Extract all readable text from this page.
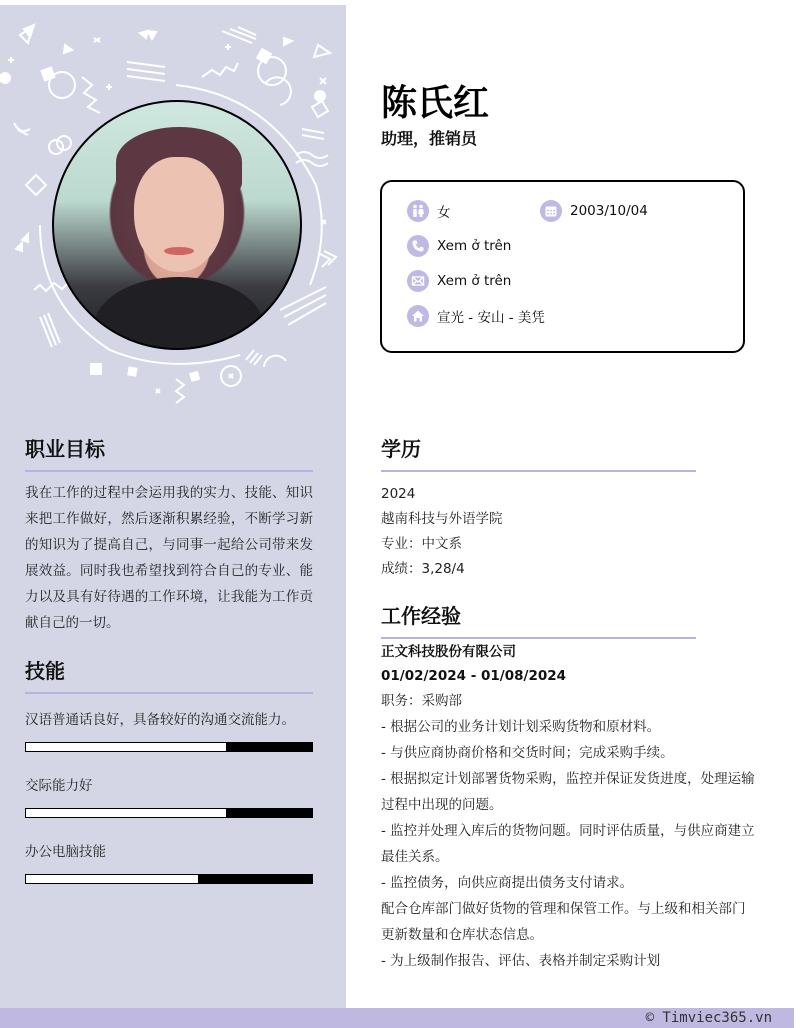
职业目标
我在工作的过程中会运用我的实力、技能、知识来把工作做好，然后逐渐积累经验，不断学习新的知识为了提高自己，与同事一起给公司带来发展效益。同时我也希望找到符合自己的专业、能力以及具有好待遇的工作环境，让我能为工作贡献自己的一切。
技能
汉语普通话良好，具备较好的沟通交流能力。
交际能力好
办公电脑技能
陈氏红
助理，推销员
女	2003/10/04
Xem ở trên
Xem ở trên
宣光 - 安山 - 美凭
学历
2024
越南科技与外语学院
专业：中文系
成绩：3,28/4
工作经验
正文科技股份有限公司
01/02/2024 - 01/08/2024
职务：采购部
- 根据公司的业务计划计划采购货物和原材料。
- 与供应商协商价格和交货时间；完成采购手续。
- 根据拟定计划部署货物采购，监控并保证发货进度，处理运输过程中出现的问题。
- 监控并处理入库后的货物问题。同时评估质量，与供应商建立最佳关系。
- 监控债务，向供应商提出债务支付请求。
配合仓库部门做好货物的管理和保管工作。与上级和相关部门更新数量和仓库状态信息。
- 为上级制作报告、评估、表格并制定采购计划
© Timviec365.vn
